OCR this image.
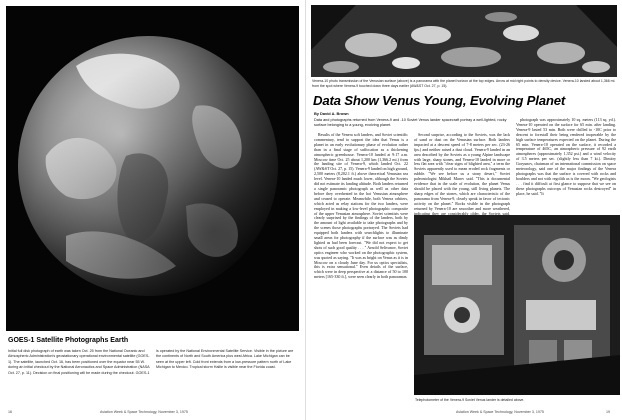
GOES-1 Satellite Photographs Earth
Initial full disk photograph of earth was taken Oct. 25 from the National Oceanic and Atmospheric Administration's geostationary operational environmental satellite (GOES-1). The satellite, launched Oct. 16, has been positioned over the equator near 55 W. during an initial checkout by the National Aeronautics and Space Administration (NASA Oct. 27, p. 11). Decision on final positioning will be made during the checkout. GOES-1 is operated by the National Environmental Satellite Service. Visible in the picture are the continents of North and South America plus west Africa. Lake Michigan can be seen at the upper left. Cold front extends from a low-pressure pattern north of Lake Michigan to Mexico. Tropical storm Hallie is visible near the Florida coast.
16	Aviation Week & Space Technology, November 3, 1975
—Wide World
Venera-10 photo transmission of the Venusian surface (above) is a panorama with the planet horizon at the top edges. Arrow at mid right points to density device. Venera-10 landed about 1,366 mi. from the spot where Venera-9 touched down three days earlier (AW&ST Oct. 27, p. 15).
Data Show Venus Young, Evolving Planet
By David A. Brown
Data and photographs returned from Venera-9 and -10 Soviet Venus lander spacecraft portray a well-lighted, rocky surface belonging to a young, evolving planet.

Results of the Venera soft landers, and Soviet scientific commentary, tend to support the idea that Venus is a planet in an early evolutionary phase of evolution rather than in a final stage of suffocation as a thickening atmospheric greenhouse. Venera-10 landed at 9:17 a.m. Moscow time Oct. 25 about 1,200 km (1,366.2 mi.) from the landing site of Venera-9, which landed Oct. 22 (AW&ST Oct. 27, p. 15). Venera-9 landed on high ground, 2,500 meters (8,202.1 ft.) above theoretical Venusian sea level. Venera-10 landed much lower, although the Soviets did not estimate its landing altitude. Both landers returned a single panoramic photograph as well as other data before they overheated in the hot Venusian atmosphere and ceased to operate. Meanwhile, both Venera orbiters, which acted as relay stations for the two landers, were employed in making a low-level photographic composite of the upper Venusian atmosphere. Soviet scientists were clearly surprised by the findings of the landers, both by the amount of light available to take photographs and by the scenes those photographs portrayed. The Soviets had equipped both landers with searchlights to illuminate small areas for photography if the surface was as dimly lighted as had been forecast. "We did not expect to get shots of such good quality . . . " Arnold Selivanov, Soviet optics engineer who worked on the photographic system, was quoted as saying. "It was as bright on Venus as it is in Moscow on a cloudy June day. For us optics specialists, this is extra sensational." Even details of the surface, which were in deep perspective at a distance of 50 to 100 meters [165-330 ft.], were seen clearly in both panoramas.

Second surprise, according to the Soviets, was the lack of sand or dust on the Venusian surface. Both landers impacted at a descent speed of 7-8 meters per sec. (23-26 fps.) and neither raised a dust cloud. Venera-9 landed in an area described by the Soviets as a young Alpine landscape with large, sharp stones, and Venera-10 landed in more or less flat area with "clear signs of blighted area," a term the Soviets apparently used to mean eroded rock fragments or rubble. "We see before us a stony desert," Soviet paleontologist Mikhail Marov said. "This is documental evidence that in the scale of evolution, the planet Venus should be placed with the young, still living planets. The sharp edges of the stones, which are characteristic of the panorama from Venera-9, clearly speak in favor of tectonic activity on the planet." Rocks visible in the photograph returned by Venera-10 are smoother and more weathered, indicating they are considerably older, the Soviets said.

photograph was approximately 10 sq. meters (113 sq. yd.). Venera-10 operated on the surface for 65 min. after landing. Venera-9 lasted 53 min. Both were chilled to -10C prior to descent to forestall their being rendered inoperable by the high surface temperatures expected on the planet. During the 65 min. Venera-10 operated on the surface, it recorded a temperature of 465C, an atmospheric pressure of 92 earth atmospheres (approximately 1,352 psi.) and a wind velocity of 3.5 meters per sec. (slightly less than 7 kt.). Dimitry Goryunov, chairman of an international commission on space meteorology, said one of the major findings of the Venera photographs was that the surface is covered with rocks and boulders and not with regolith as is the moon. "We geologists . . . find it difficult at first glance to suppose that we see on these photographs outcrops of Venusian rocks destroyed" in place, he said. "It

Telephotometer of the Venera-9 Soviet Venus lander is detailed above.
Aviation Week & Space Technology, November 3, 1975	19
